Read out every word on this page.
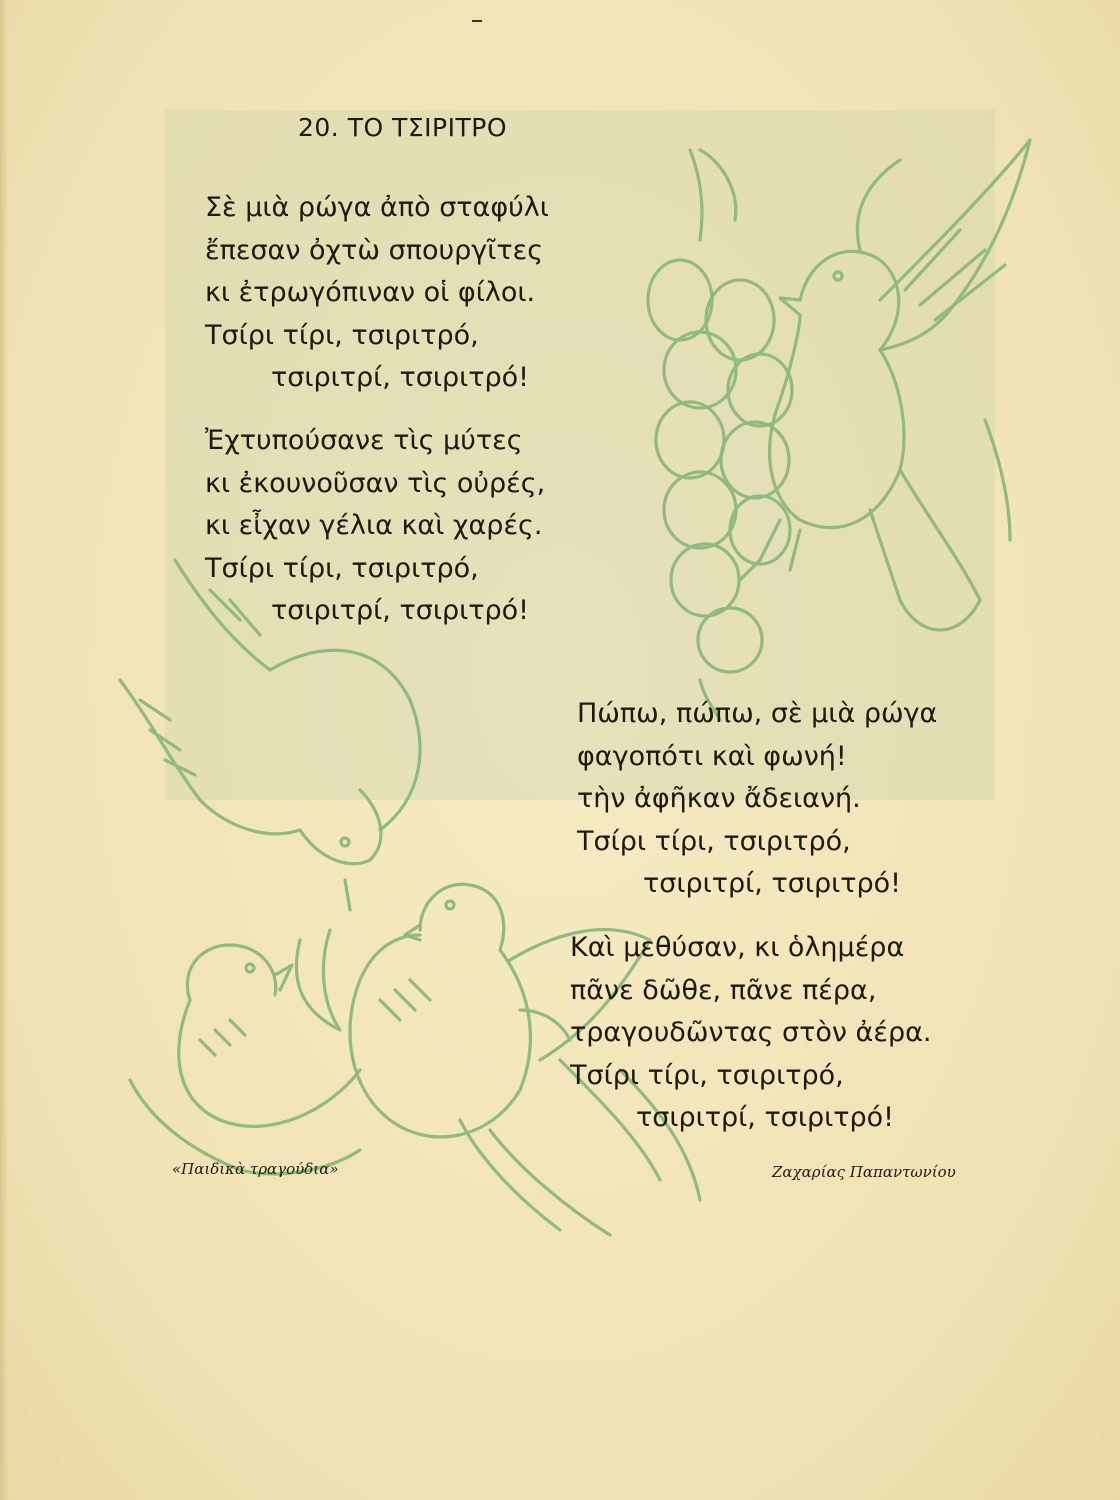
20. ΤΟ ΤΣΙΡΙΤΡΟ
Σὲ μιὰ ρώγα ἀπὸ σταφύλι
ἔπεσαν ὀχτὼ σπουργῖτες
κι ἐτρωγόπιναν οἱ φίλοι.
Τσίρι τίρι, τσιριτρό,
τσιριτρί, τσιριτρό!
Ἐχτυπούσανε τὶς μύτες
κι ἐκουνοῦσαν τὶς οὐρές,
κι εἶχαν γέλια καὶ χαρές.
Τσίρι τίρι, τσιριτρό,
τσιριτρί, τσιριτρό!
Πώπω, πώπω, σὲ μιὰ ρώγα
φαγοπότι καὶ φωνή!
τὴν ἀφῆκαν ἄδειανή.
Τσίρι τίρι, τσιριτρό,
τσιριτρί, τσιριτρό!
Καὶ μεθύσαν, κι ὁλημέρα
πᾶνε δῶθε, πᾶνε πέρα,
τραγουδῶντας στὸν ἀέρα.
Τσίρι τίρι, τσιριτρό,
τσιριτρί, τσιριτρό!
«Παιδικὰ τραγούδια»	Ζαχαρίας Παπαντωνίου
